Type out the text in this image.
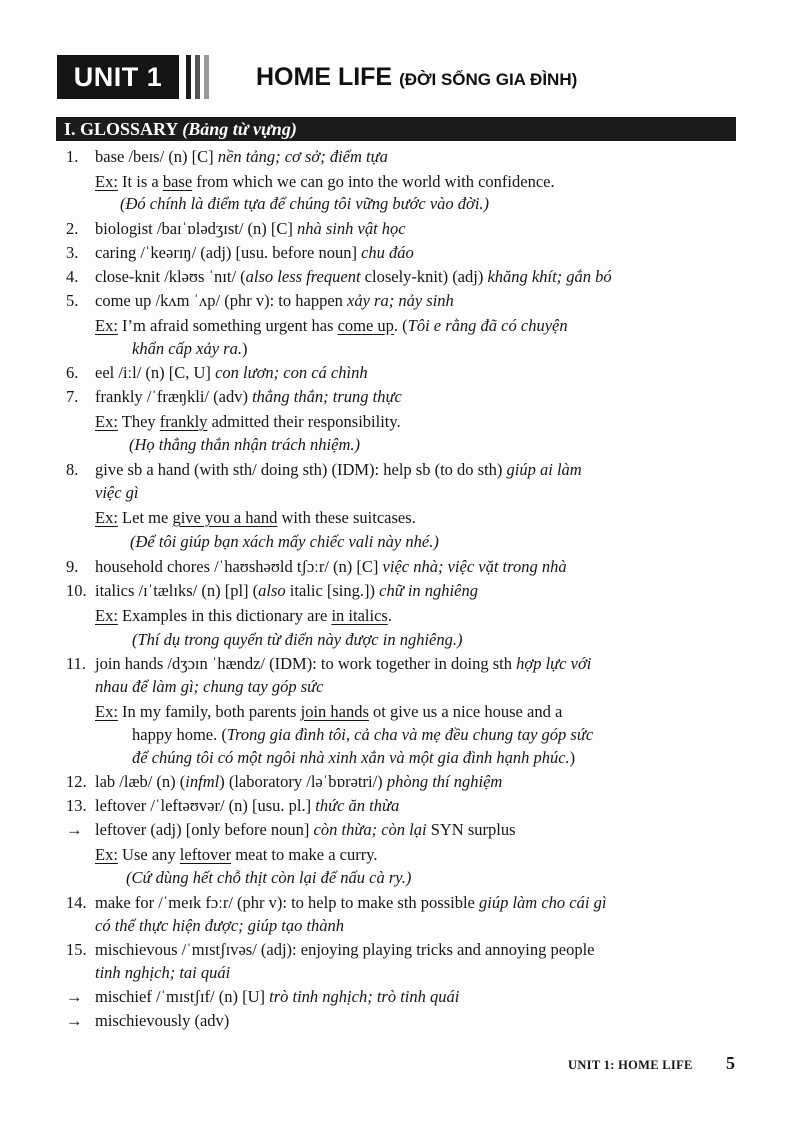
UNIT 1	HOME LIFE (ĐỜI SỐNG GIA ĐÌNH)
I. GLOSSARY (Bảng từ vựng)
1. base /beɪs/ (n) [C] nền tảng; cơ sở; điểm tựa
Ex: It is a base from which we can go into the world with confidence.
(Đó chính là điểm tựa để chúng tôi vững bước vào đời.)
2. biologist /baɪˈɒlədʒɪst/ (n) [C] nhà sinh vật học
3. caring /ˈkeərɪŋ/ (adj) [usu. before noun] chu đáo
4. close-knit /kləʊs ˈnɪt/ (also less frequent closely-knit) (adj) khăng khít; gắn bó
5. come up /kʌm ˈʌp/ (phr v): to happen xảy ra; nảy sinh
Ex: I’m afraid something urgent has come up. (Tôi e rằng đã có chuyện
khẩn cấp xảy ra.)
6. eel /iːl/ (n) [C, U] con lươn; con cá chình
7. frankly /ˈfræŋkli/ (adv) thẳng thắn; trung thực
Ex: They frankly admitted their responsibility.
(Họ thẳng thắn nhận trách nhiệm.)
8. give sb a hand (with sth/ doing sth) (IDM): help sb (to do sth) giúp ai làm
việc gì
Ex: Let me give you a hand with these suitcases.
(Để tôi giúp bạn xách mấy chiếc vali này nhé.)
9. household chores /ˈhaʊshəʊld tʃɔːr/ (n) [C] việc nhà; việc vặt trong nhà
10. italics /ɪˈtælɪks/ (n) [pl] (also italic [sing.]) chữ in nghiêng
Ex: Examples in this dictionary are in italics.
(Thí dụ trong quyển từ điển này được in nghiêng.)
11. join hands /dʒɔɪn ˈhændz/ (IDM): to work together in doing sth hợp lực với
nhau để làm gì; chung tay góp sức
Ex: In my family, both parents join hands ot give us a nice house and a
happy home. (Trong gia đình tôi, cả cha và mẹ đều chung tay góp sức
để chúng tôi có một ngôi nhà xinh xắn và một gia đình hạnh phúc.)
12. lab /læb/ (n) (infml) (laboratory /ləˈbɒrətri/) phòng thí nghiệm
13. leftover /ˈleftəʊvər/ (n) [usu. pl.] thức ăn thừa
→ leftover (adj) [only before noun] còn thừa; còn lại SYN surplus
Ex: Use any leftover meat to make a curry.
(Cứ dùng hết chỗ thịt còn lại để nấu cà ry.)
14. make for /ˈmeɪk fɔːr/ (phr v): to help to make sth possible giúp làm cho cái gì
có thể thực hiện được; giúp tạo thành
15. mischievous /ˈmɪstʃɪvəs/ (adj): enjoying playing tricks and annoying people
tinh nghịch; tai quái
→ mischief /ˈmɪstʃɪf/ (n) [U] trò tinh nghịch; trò tinh quái
→ mischievously (adv)
UNIT 1: HOME LIFE 5
